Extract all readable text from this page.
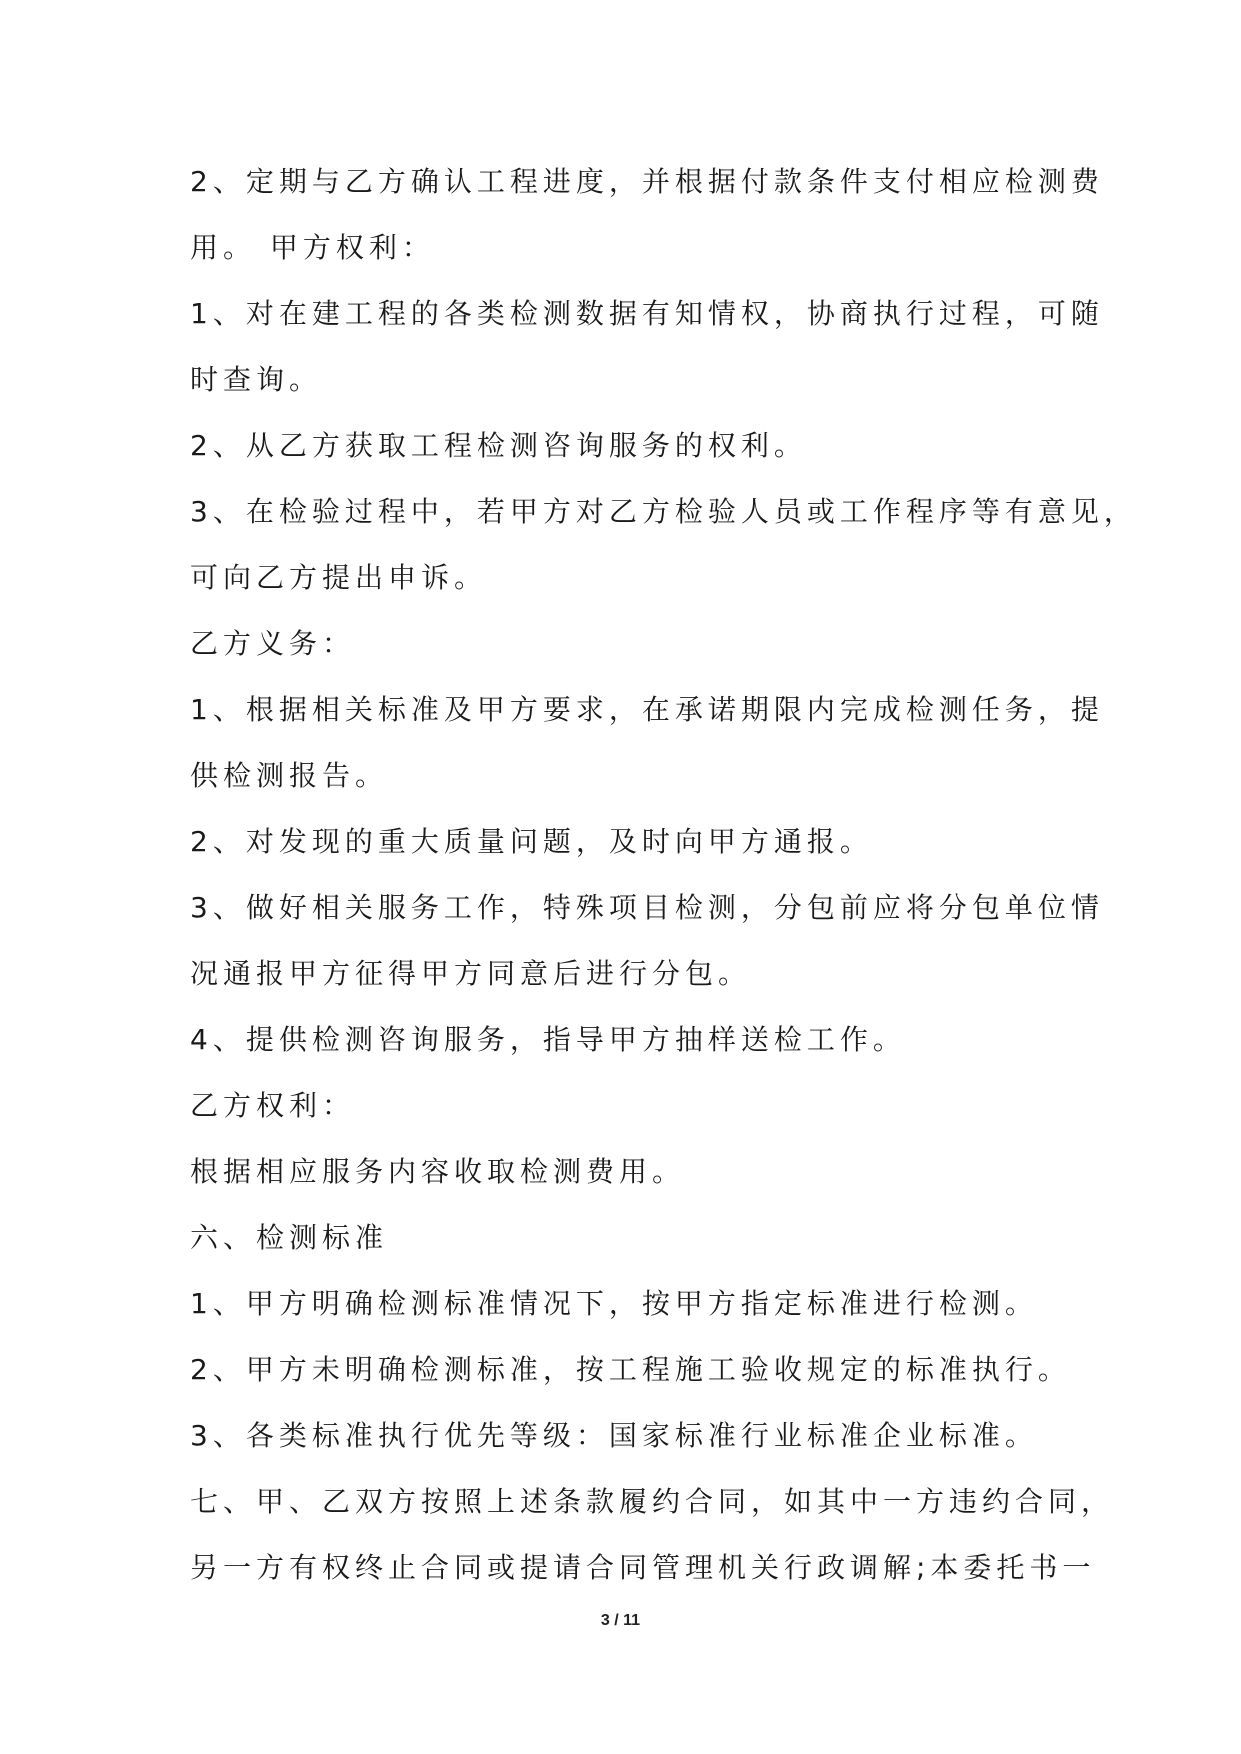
2、定期与乙方确认工程进度，并根据付款条件支付相应检测费
用。 甲方权利：
1、对在建工程的各类检测数据有知情权，协商执行过程，可随
时查询。
2、从乙方获取工程检测咨询服务的权利。
3、在检验过程中，若甲方对乙方检验人员或工作程序等有意见，
可向乙方提出申诉。
乙方义务：
1、根据相关标准及甲方要求，在承诺期限内完成检测任务，提
供检测报告。
2、对发现的重大质量问题，及时向甲方通报。
3、做好相关服务工作，特殊项目检测，分包前应将分包单位情
况通报甲方征得甲方同意后进行分包。
4、提供检测咨询服务，指导甲方抽样送检工作。
乙方权利：
根据相应服务内容收取检测费用。
六、检测标准
1、甲方明确检测标准情况下，按甲方指定标准进行检测。
2、甲方未明确检测标准，按工程施工验收规定的标准执行。
3、各类标准执行优先等级：国家标准行业标准企业标准。
七、甲、乙双方按照上述条款履约合同，如其中一方违约合同，
另一方有权终止合同或提请合同管理机关行政调解;本委托书一
3 / 11
